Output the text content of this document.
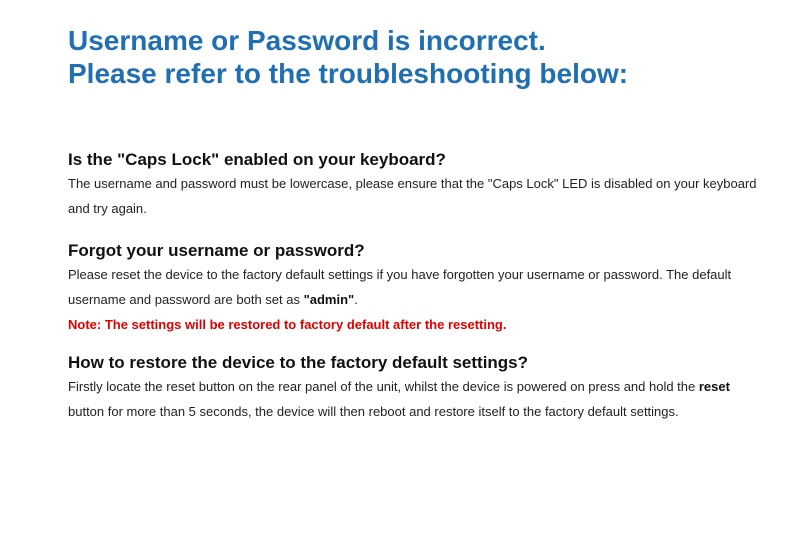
Username or Password is incorrect.
Please refer to the troubleshooting below:
Is the "Caps Lock" enabled on your keyboard?

The username and password must be lowercase, please ensure that the "Caps Lock" LED is disabled on your keyboard and try again.

Forgot your username or password?

Please reset the device to the factory default settings if you have forgotten your username or password. The default username and password are both set as "admin".

Note: The settings will be restored to factory default after the resetting.

How to restore the device to the factory default settings?

Firstly locate the reset button on the rear panel of the unit, whilst the device is powered on press and hold the reset button for more than 5 seconds, the device will then reboot and restore itself to the factory default settings.
